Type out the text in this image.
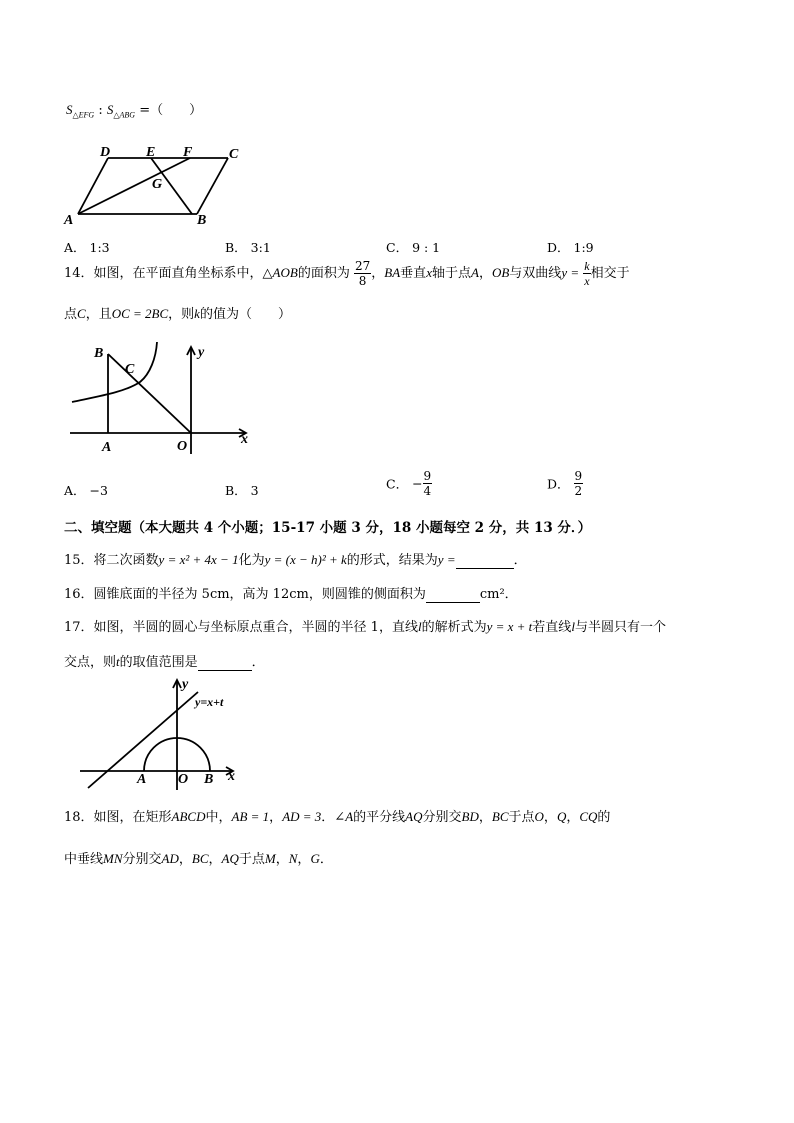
$S_{\triangle EFG}$ : $S_{\triangle ABG}$ =（　　）
D	E F	C
G
A	B
A． 1:3	B． 3:1	C． 9 : 1	D． 1:9
14．如图，在平面直角坐标系中，△AOB的面积为 $\frac{27}{8}$ ，BA垂直x轴于点A，OB与双曲线$y = \frac{k}{x}$ 相交于
点C，且OC = 2BC，则k的值为（　　）
B
C
y
A	O	x
A． −3	B． 3	C． − $\frac{9}{4}$	D． $\frac{9}{2}$
二、填空题（本大题共 4 个小题；15-17 小题 3 分，18 小题每空 2 分，共 13 分．）
15．将二次函数y = x² + 4x − 1化为y = (x − h)² + k的形式，结果为y =	．
16．圆锥底面的半径为 5cm，高为 12cm，则圆锥的侧面积为	cm²．
17．如图，半圆的圆心与坐标原点重合，半圆的半径 1，直线l的解析式为y = x + t若直线l与半圆只有一个
交点，则t的取值范围是	．
y
y=x+t
A O B x
18．如图，在矩形ABCD中，AB = 1，AD = 3．∠A的平分线AQ分别交BD，BC于点O，Q，CQ的
中垂线MN分别交AD，BC，AQ于点M，N，G．
